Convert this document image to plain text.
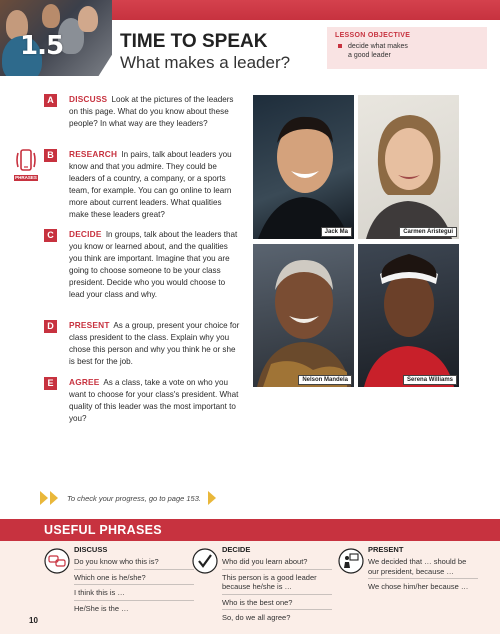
1.5	TIME TO SPEAK
What makes a leader?
LESSON OBJECTIVE
decide what makes
a good leader
PHRASES
A	DISCUSS Look at the pictures of the leaders on this page. What do you know about these people? In what way are they leaders?
B	RESEARCH In pairs, talk about leaders you know and that you admire. They could be leaders of a country, a company, or a sports team, for example. You can go online to learn more about current leaders. What qualities make these leaders great?
C	DECIDE In groups, talk about the leaders that you know or learned about, and the qualities you think are important. Imagine that you are going to choose someone to be your class president. Decide who you would choose to lead your class and why.
D	PRESENT As a group, present your choice for class president to the class. Explain why you chose this person and why you think he or she is best for the job.
E	AGREE As a class, take a vote on who you want to choose for your class's president. What quality of this leader was the most important to you?
Jack Ma	Carmen Aristegui
Nelson Mandela	Serena Williams
To check your progress, go to page 153.
USEFUL PHRASES
DISCUSS
Do you know who this is?
Which one is he/she?
I think this is …
He/She is the …
DECIDE
Who did you learn about?
This person is a good leader because he/she is …
Who is the best one?
So, do we all agree?
PRESENT
We decided that … should be our president, because …
We chose him/her because …
10
